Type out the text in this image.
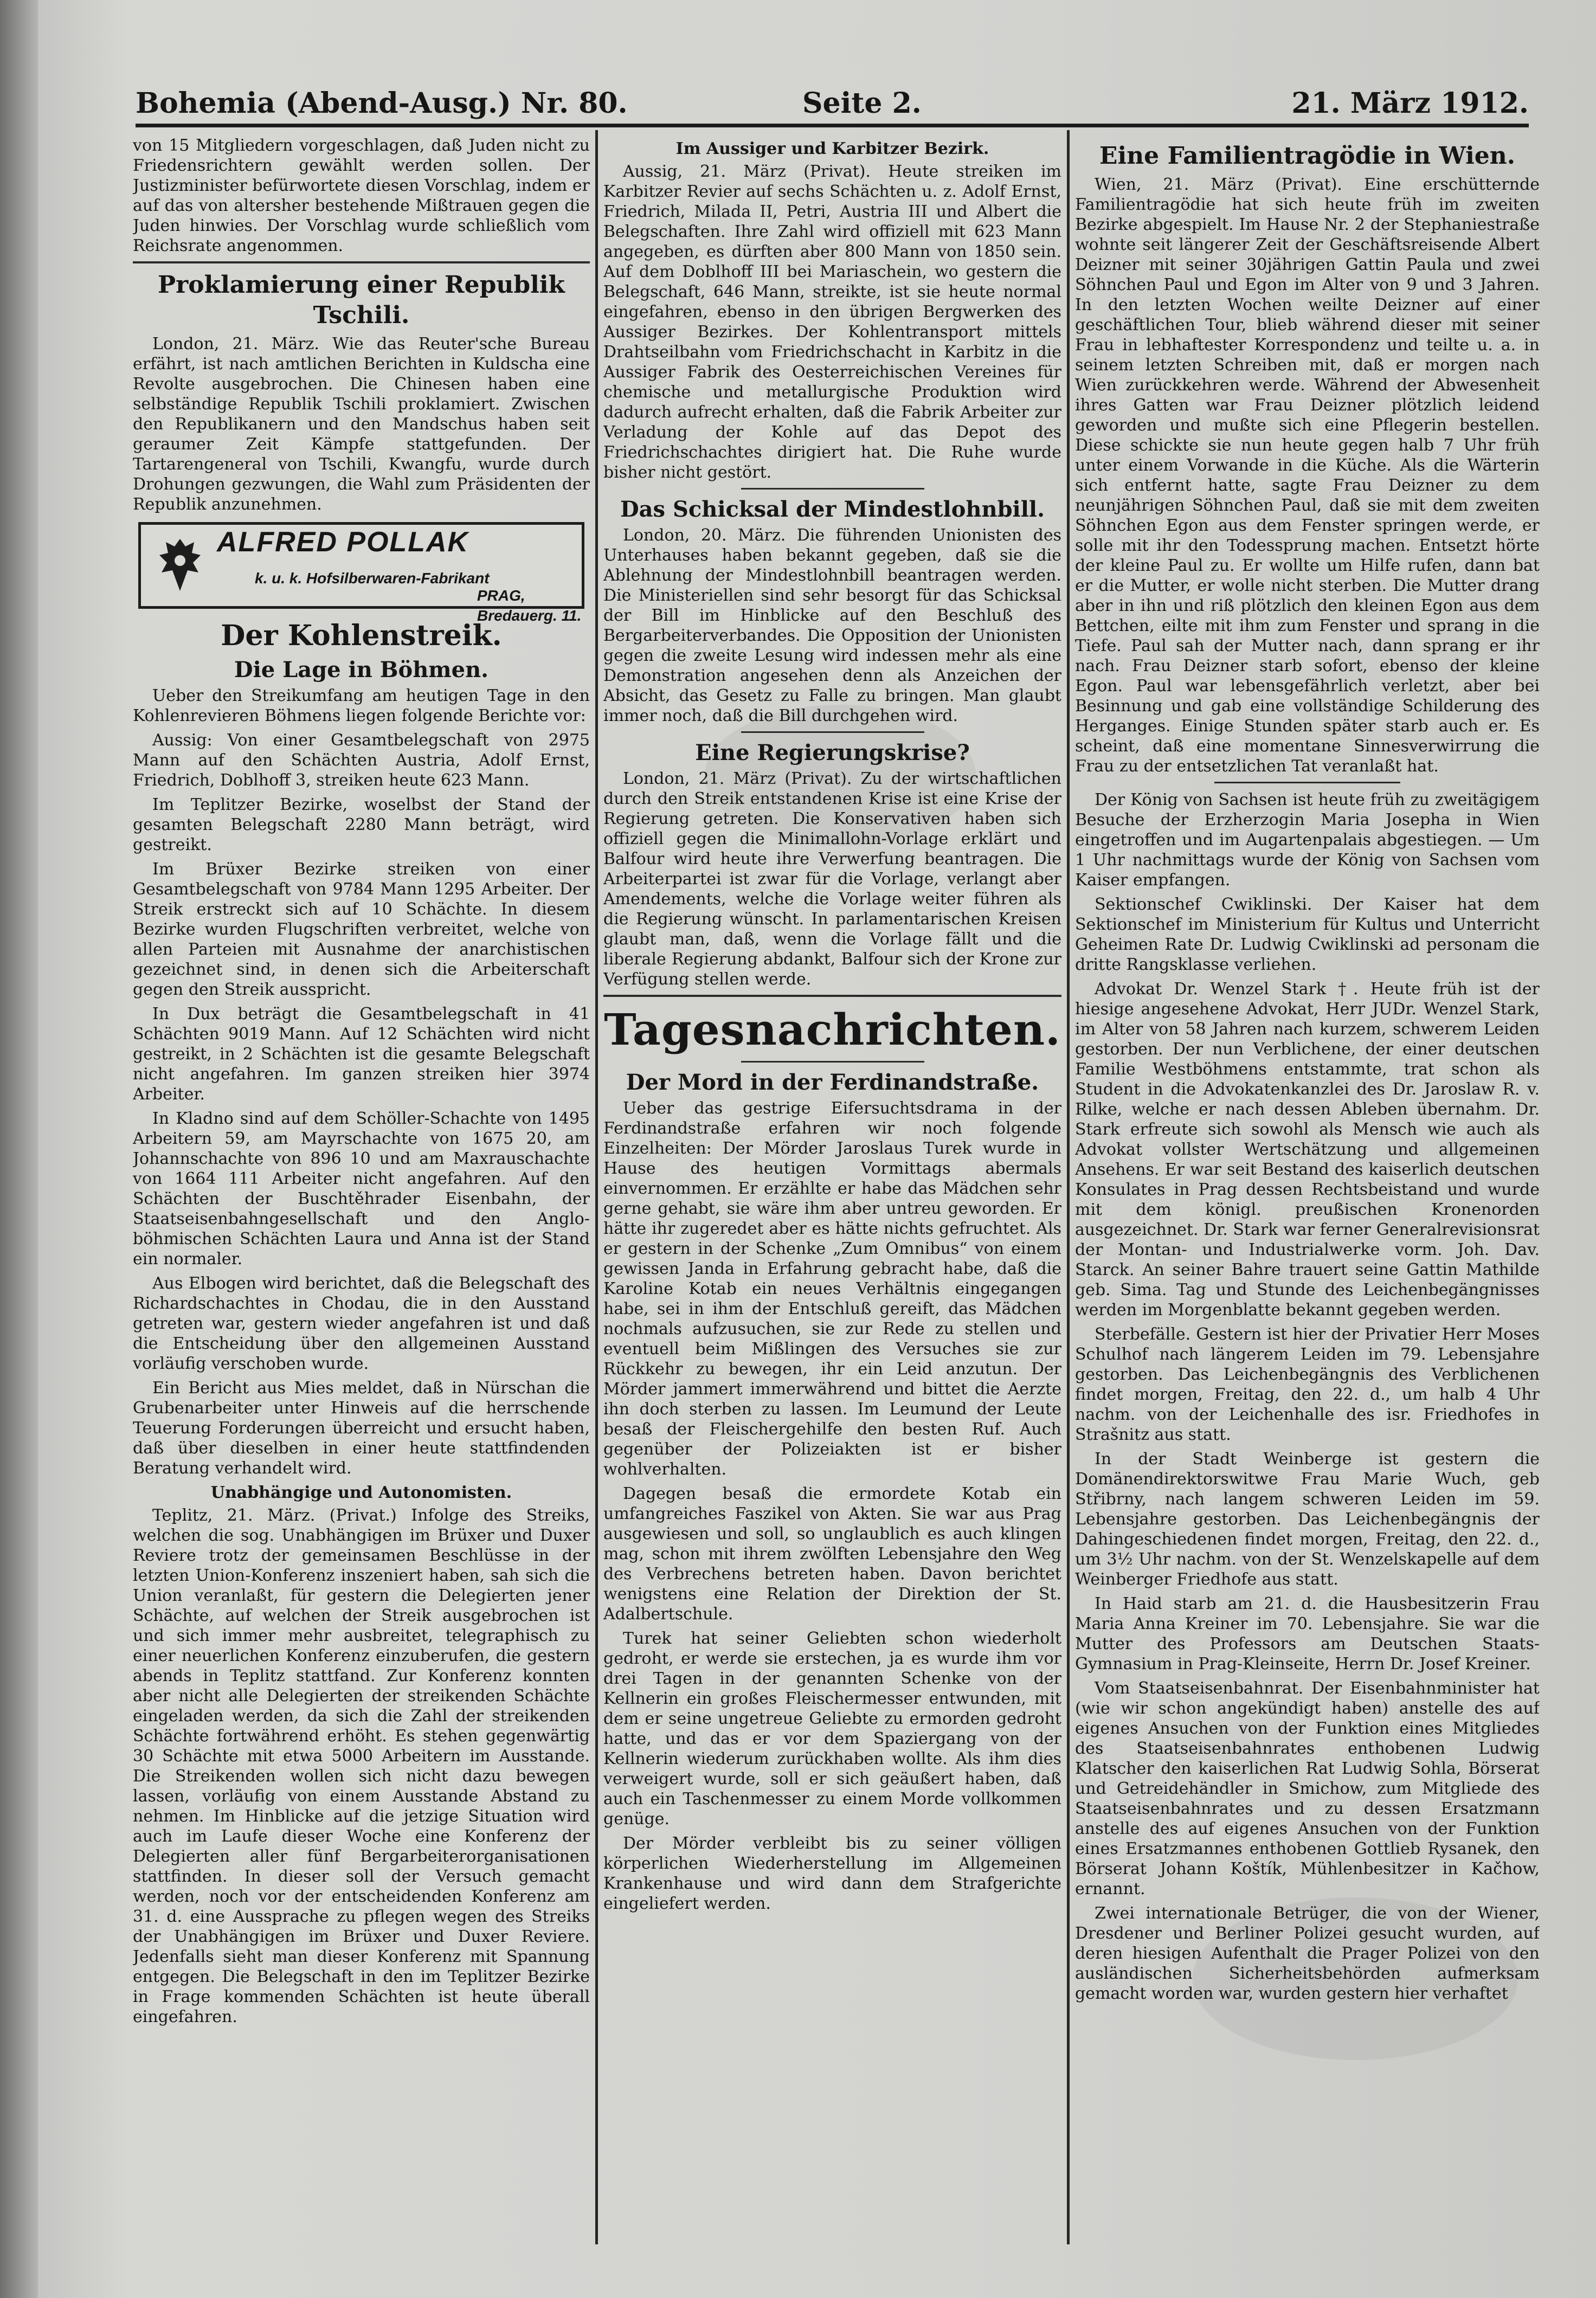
Bohemia (Abend-Ausg.) Nr. 80.	Seite 2.	21. März 1912.

von 15 Mitgliedern vorgeschlagen, daß Juden nicht zu Friedensrichtern gewählt werden sollen. Der Justizminister befürwortete diesen Vorschlag, indem er auf das von altersher bestehende Mißtrauen gegen die Juden hinwies. Der Vorschlag wurde schließlich vom Reichsrate angenommen.

Proklamierung einer Republik Tschili.

London, 21. März. Wie das Reuter'sche Bureau erfährt, ist nach amtlichen Berichten in Kuldscha eine Revolte ausgebrochen. Die Chinesen haben eine selbständige Republik Tschili proklamiert. Zwischen den Republikanern und den Mandschus haben seit geraumer Zeit Kämpfe stattgefunden. Der Tartarengeneral von Tschili, Kwangfu, wurde durch Drohungen gezwungen, die Wahl zum Präsidenten der Republik anzunehmen.

ALFRED POLLAK
k. u. k. Hofsilberwaren-Fabrikant
PRAG, Bredauerg. 11.
Der Kohlenstreik.
Die Lage in Böhmen.

Ueber den Streikumfang am heutigen Tage in den Kohlenrevieren Böhmens liegen folgende Berichte vor:

Aussig: Von einer Gesamtbelegschaft von 2975 Mann auf den Schächten Austria, Adolf Ernst, Friedrich, Doblhoff 3, streiken heute 623 Mann.

Im Teplitzer Bezirke, woselbst der Stand der gesamten Belegschaft 2280 Mann beträgt, wird gestreikt.

Im Brüxer Bezirke streiken von einer Gesamtbelegschaft von 9784 Mann 1295 Arbeiter. Der Streik erstreckt sich auf 10 Schächte. In diesem Bezirke wurden Flugschriften verbreitet, welche von allen Parteien mit Ausnahme der anarchistischen gezeichnet sind, in denen sich die Arbeiterschaft gegen den Streik ausspricht.

In Dux beträgt die Gesamtbelegschaft in 41 Schächten 9019 Mann. Auf 12 Schächten wird nicht gestreikt, in 2 Schächten ist die gesamte Belegschaft nicht angefahren. Im ganzen streiken hier 3974 Arbeiter.

In Kladno sind auf dem Schöller-Schachte von 1495 Arbeitern 59, am Mayrschachte von 1675 20, am Johannschachte von 896 10 und am Maxrauschachte von 1664 111 Arbeiter nicht angefahren. Auf den Schächten der Buschtěhrader Eisenbahn, der Staatseisenbahngesellschaft und den Anglo-böhmischen Schächten Laura und Anna ist der Stand ein normaler.

Aus Elbogen wird berichtet, daß die Belegschaft des Richardschachtes in Chodau, die in den Ausstand getreten war, gestern wieder angefahren ist und daß die Entscheidung über den allgemeinen Ausstand vorläufig verschoben wurde.

Ein Bericht aus Mies meldet, daß in Nürschan die Grubenarbeiter unter Hinweis auf die herrschende Teuerung Forderungen überreicht und ersucht haben, daß über dieselben in einer heute stattfindenden Beratung verhandelt wird.

Unabhängige und Autonomisten.

Teplitz, 21. März. (Privat.) Infolge des Streiks, welchen die sog. Unabhängigen im Brüxer und Duxer Reviere trotz der gemeinsamen Beschlüsse in der letzten Union-Konferenz inszeniert haben, sah sich die Union veranlaßt, für gestern die Delegierten jener Schächte, auf welchen der Streik ausgebrochen ist und sich immer mehr ausbreitet, telegraphisch zu einer neuerlichen Konferenz einzuberufen, die gestern abends in Teplitz stattfand. Zur Konferenz konnten aber nicht alle Delegierten der streikenden Schächte eingeladen werden, da sich die Zahl der streikenden Schächte fortwährend erhöht. Es stehen gegenwärtig 30 Schächte mit etwa 5000 Arbeitern im Ausstande. Die Streikenden wollen sich nicht dazu bewegen lassen, vorläufig von einem Ausstande Abstand zu nehmen. Im Hinblicke auf die jetzige Situation wird auch im Laufe dieser Woche eine Konferenz der Delegierten aller fünf Bergarbeiterorganisationen stattfinden. In dieser soll der Versuch gemacht werden, noch vor der entscheidenden Konferenz am 31. d. eine Aussprache zu pflegen wegen des Streiks der Unabhängigen im Brüxer und Duxer Reviere. Jedenfalls sieht man dieser Konferenz mit Spannung entgegen. Die Belegschaft in den im Teplitzer Bezirke in Frage kommenden Schächten ist heute überall eingefahren.

Im Aussiger und Karbitzer Bezirk.

Aussig, 21. März (Privat). Heute streiken im Karbitzer Revier auf sechs Schächten u. z. Adolf Ernst, Friedrich, Milada II, Petri, Austria III und Albert die Belegschaften. Ihre Zahl wird offiziell mit 623 Mann angegeben, es dürften aber 800 Mann von 1850 sein. Auf dem Doblhoff III bei Mariaschein, wo gestern die Belegschaft, 646 Mann, streikte, ist sie heute normal eingefahren, ebenso in den übrigen Bergwerken des Aussiger Bezirkes. Der Kohlentransport mittels Drahtseilbahn vom Friedrichschacht in Karbitz in die Aussiger Fabrik des Oesterreichischen Vereines für chemische und metallurgische Produktion wird dadurch aufrecht erhalten, daß die Fabrik Arbeiter zur Verladung der Kohle auf das Depot des Friedrichschachtes dirigiert hat. Die Ruhe wurde bisher nicht gestört.

Das Schicksal der Mindestlohnbill.

London, 20. März. Die führenden Unionisten des Unterhauses haben bekannt gegeben, daß sie die Ablehnung der Mindestlohnbill beantragen werden. Die Ministeriellen sind sehr besorgt für das Schicksal der Bill im Hinblicke auf den Beschluß des Bergarbeiterverbandes. Die Opposition der Unionisten gegen die zweite Lesung wird indessen mehr als eine Demonstration angesehen denn als Anzeichen der Absicht, das Gesetz zu Falle zu bringen. Man glaubt immer noch, daß die Bill durchgehen wird.

Eine Regierungskrise?

London, 21. März (Privat). Zu der wirtschaftlichen durch den Streik entstandenen Krise ist eine Krise der Regierung getreten. Die Konservativen haben sich offiziell gegen die Minimallohn-Vorlage erklärt und Balfour wird heute ihre Verwerfung beantragen. Die Arbeiterpartei ist zwar für die Vorlage, verlangt aber Amendements, welche die Vorlage weiter führen als die Regierung wünscht. In parlamentarischen Kreisen glaubt man, daß, wenn die Vorlage fällt und die liberale Regierung abdankt, Balfour sich der Krone zur Verfügung stellen werde.

Tagesnachrichten.
Der Mord in der Ferdinandstraße.

Ueber das gestrige Eifersuchtsdrama in der Ferdinandstraße erfahren wir noch folgende Einzelheiten: Der Mörder Jaroslaus Turek wurde in Hause des heutigen Vormittags abermals einvernommen. Er erzählte er habe das Mädchen sehr gerne gehabt, sie wäre ihm aber untreu geworden. Er hätte ihr zugeredet aber es hätte nichts gefruchtet. Als er gestern in der Schenke „Zum Omnibus“ von einem gewissen Janda in Erfahrung gebracht habe, daß die Karoline Kotab ein neues Verhältnis eingegangen habe, sei in ihm der Entschluß gereift, das Mädchen nochmals aufzusuchen, sie zur Rede zu stellen und eventuell beim Mißlingen des Versuches sie zur Rückkehr zu bewegen, ihr ein Leid anzutun. Der Mörder jammert immerwährend und bittet die Aerzte ihn doch sterben zu lassen. Im Leumund der Leute besaß der Fleischergehilfe den besten Ruf. Auch gegenüber der Polizeiakten ist er bisher wohlverhalten.

Dagegen besaß die ermordete Kotab ein umfangreiches Faszikel von Akten. Sie war aus Prag ausgewiesen und soll, so unglaublich es auch klingen mag, schon mit ihrem zwölften Lebensjahre den Weg des Verbrechens betreten haben. Davon berichtet wenigstens eine Relation der Direktion der St. Adalbertschule.

Turek hat seiner Geliebten schon wiederholt gedroht, er werde sie erstechen, ja es wurde ihm vor drei Tagen in der genannten Schenke von der Kellnerin ein großes Fleischermesser entwunden, mit dem er seine ungetreue Geliebte zu ermorden gedroht hatte, und das er vor dem Spaziergang von der Kellnerin wiederum zurückhaben wollte. Als ihm dies verweigert wurde, soll er sich geäußert haben, daß auch ein Taschenmesser zu einem Morde vollkommen genüge.

Der Mörder verbleibt bis zu seiner völligen körperlichen Wiederherstellung im Allgemeinen Krankenhause und wird dann dem Strafgerichte eingeliefert werden.

Eine Familientragödie in Wien.

Wien, 21. März (Privat). Eine erschütternde Familientragödie hat sich heute früh im zweiten Bezirke abgespielt. Im Hause Nr. 2 der Stephaniestraße wohnte seit längerer Zeit der Geschäftsreisende Albert Deizner mit seiner 30jährigen Gattin Paula und zwei Söhnchen Paul und Egon im Alter von 9 und 3 Jahren. In den letzten Wochen weilte Deizner auf einer geschäftlichen Tour, blieb während dieser mit seiner Frau in lebhaftester Korrespondenz und teilte u. a. in seinem letzten Schreiben mit, daß er morgen nach Wien zurückkehren werde. Während der Abwesenheit ihres Gatten war Frau Deizner plötzlich leidend geworden und mußte sich eine Pflegerin bestellen. Diese schickte sie nun heute gegen halb 7 Uhr früh unter einem Vorwande in die Küche. Als die Wärterin sich entfernt hatte, sagte Frau Deizner zu dem neunjährigen Söhnchen Paul, daß sie mit dem zweiten Söhnchen Egon aus dem Fenster springen werde, er solle mit ihr den Todessprung machen. Entsetzt hörte der kleine Paul zu. Er wollte um Hilfe rufen, dann bat er die Mutter, er wolle nicht sterben. Die Mutter drang aber in ihn und riß plötzlich den kleinen Egon aus dem Bettchen, eilte mit ihm zum Fenster und sprang in die Tiefe. Paul sah der Mutter nach, dann sprang er ihr nach. Frau Deizner starb sofort, ebenso der kleine Egon. Paul war lebensgefährlich verletzt, aber bei Besinnung und gab eine vollständige Schilderung des Herganges. Einige Stunden später starb auch er. Es scheint, daß eine momentane Sinnesverwirrung die Frau zu der entsetzlichen Tat veranlaßt hat.

Der König von Sachsen ist heute früh zu zweitägigem Besuche der Erzherzogin Maria Josepha in Wien eingetroffen und im Augartenpalais abgestiegen. — Um 1 Uhr nachmittags wurde der König von Sachsen vom Kaiser empfangen.

Sektionschef Cwiklinski. Der Kaiser hat dem Sektionschef im Ministerium für Kultus und Unterricht Geheimen Rate Dr. Ludwig Cwiklinski ad personam die dritte Rangsklasse verliehen.

Advokat Dr. Wenzel Stark †. Heute früh ist der hiesige angesehene Advokat, Herr JUDr. Wenzel Stark, im Alter von 58 Jahren nach kurzem, schwerem Leiden gestorben. Der nun Verblichene, der einer deutschen Familie Westböhmens entstammte, trat schon als Student in die Advokatenkanzlei des Dr. Jaroslaw R. v. Rilke, welche er nach dessen Ableben übernahm. Dr. Stark erfreute sich sowohl als Mensch wie auch als Advokat vollster Wertschätzung und allgemeinen Ansehens. Er war seit Bestand des kaiserlich deutschen Konsulates in Prag dessen Rechtsbeistand und wurde mit dem königl. preußischen Kronenorden ausgezeichnet. Dr. Stark war ferner Generalrevisionsrat der Montan- und Industrialwerke vorm. Joh. Dav. Starck. An seiner Bahre trauert seine Gattin Mathilde geb. Sima. Tag und Stunde des Leichenbegängnisses werden im Morgenblatte bekannt gegeben werden.

Sterbefälle. Gestern ist hier der Privatier Herr Moses Schulhof nach längerem Leiden im 79. Lebensjahre gestorben. Das Leichenbegängnis des Verblichenen findet morgen, Freitag, den 22. d., um halb 4 Uhr nachm. von der Leichenhalle des isr. Friedhofes in Strašnitz aus statt.

In der Stadt Weinberge ist gestern die Domänendirektorswitwe Frau Marie Wuch, geb Střibrny, nach langem schweren Leiden im 59. Lebensjahre gestorben. Das Leichenbegängnis der Dahingeschiedenen findet morgen, Freitag, den 22. d., um 3½ Uhr nachm. von der St. Wenzelskapelle auf dem Weinberger Friedhofe aus statt.

In Haid starb am 21. d. die Hausbesitzerin Frau Maria Anna Kreiner im 70. Lebensjahre. Sie war die Mutter des Professors am Deutschen Staats-Gymnasium in Prag-Kleinseite, Herrn Dr. Josef Kreiner.

Vom Staatseisenbahnrat. Der Eisenbahnminister hat (wie wir schon angekündigt haben) anstelle des auf eigenes Ansuchen von der Funktion eines Mitgliedes des Staatseisenbahnrates enthobenen Ludwig Klatscher den kaiserlichen Rat Ludwig Sohla, Börserat und Getreidehändler in Smichow, zum Mitgliede des Staatseisenbahnrates und zu dessen Ersatzmann anstelle des auf eigenes Ansuchen von der Funktion eines Ersatzmannes enthobenen Gottlieb Rysanek, den Börserat Johann Koštík, Mühlenbesitzer in Kačhow, ernannt.

Zwei internationale Betrüger, die von der Wiener, Dresdener und Berliner Polizei gesucht wurden, auf deren hiesigen Aufenthalt die Prager Polizei von den ausländischen Sicherheitsbehörden aufmerksam gemacht worden war, wurden gestern hier verhaftet
